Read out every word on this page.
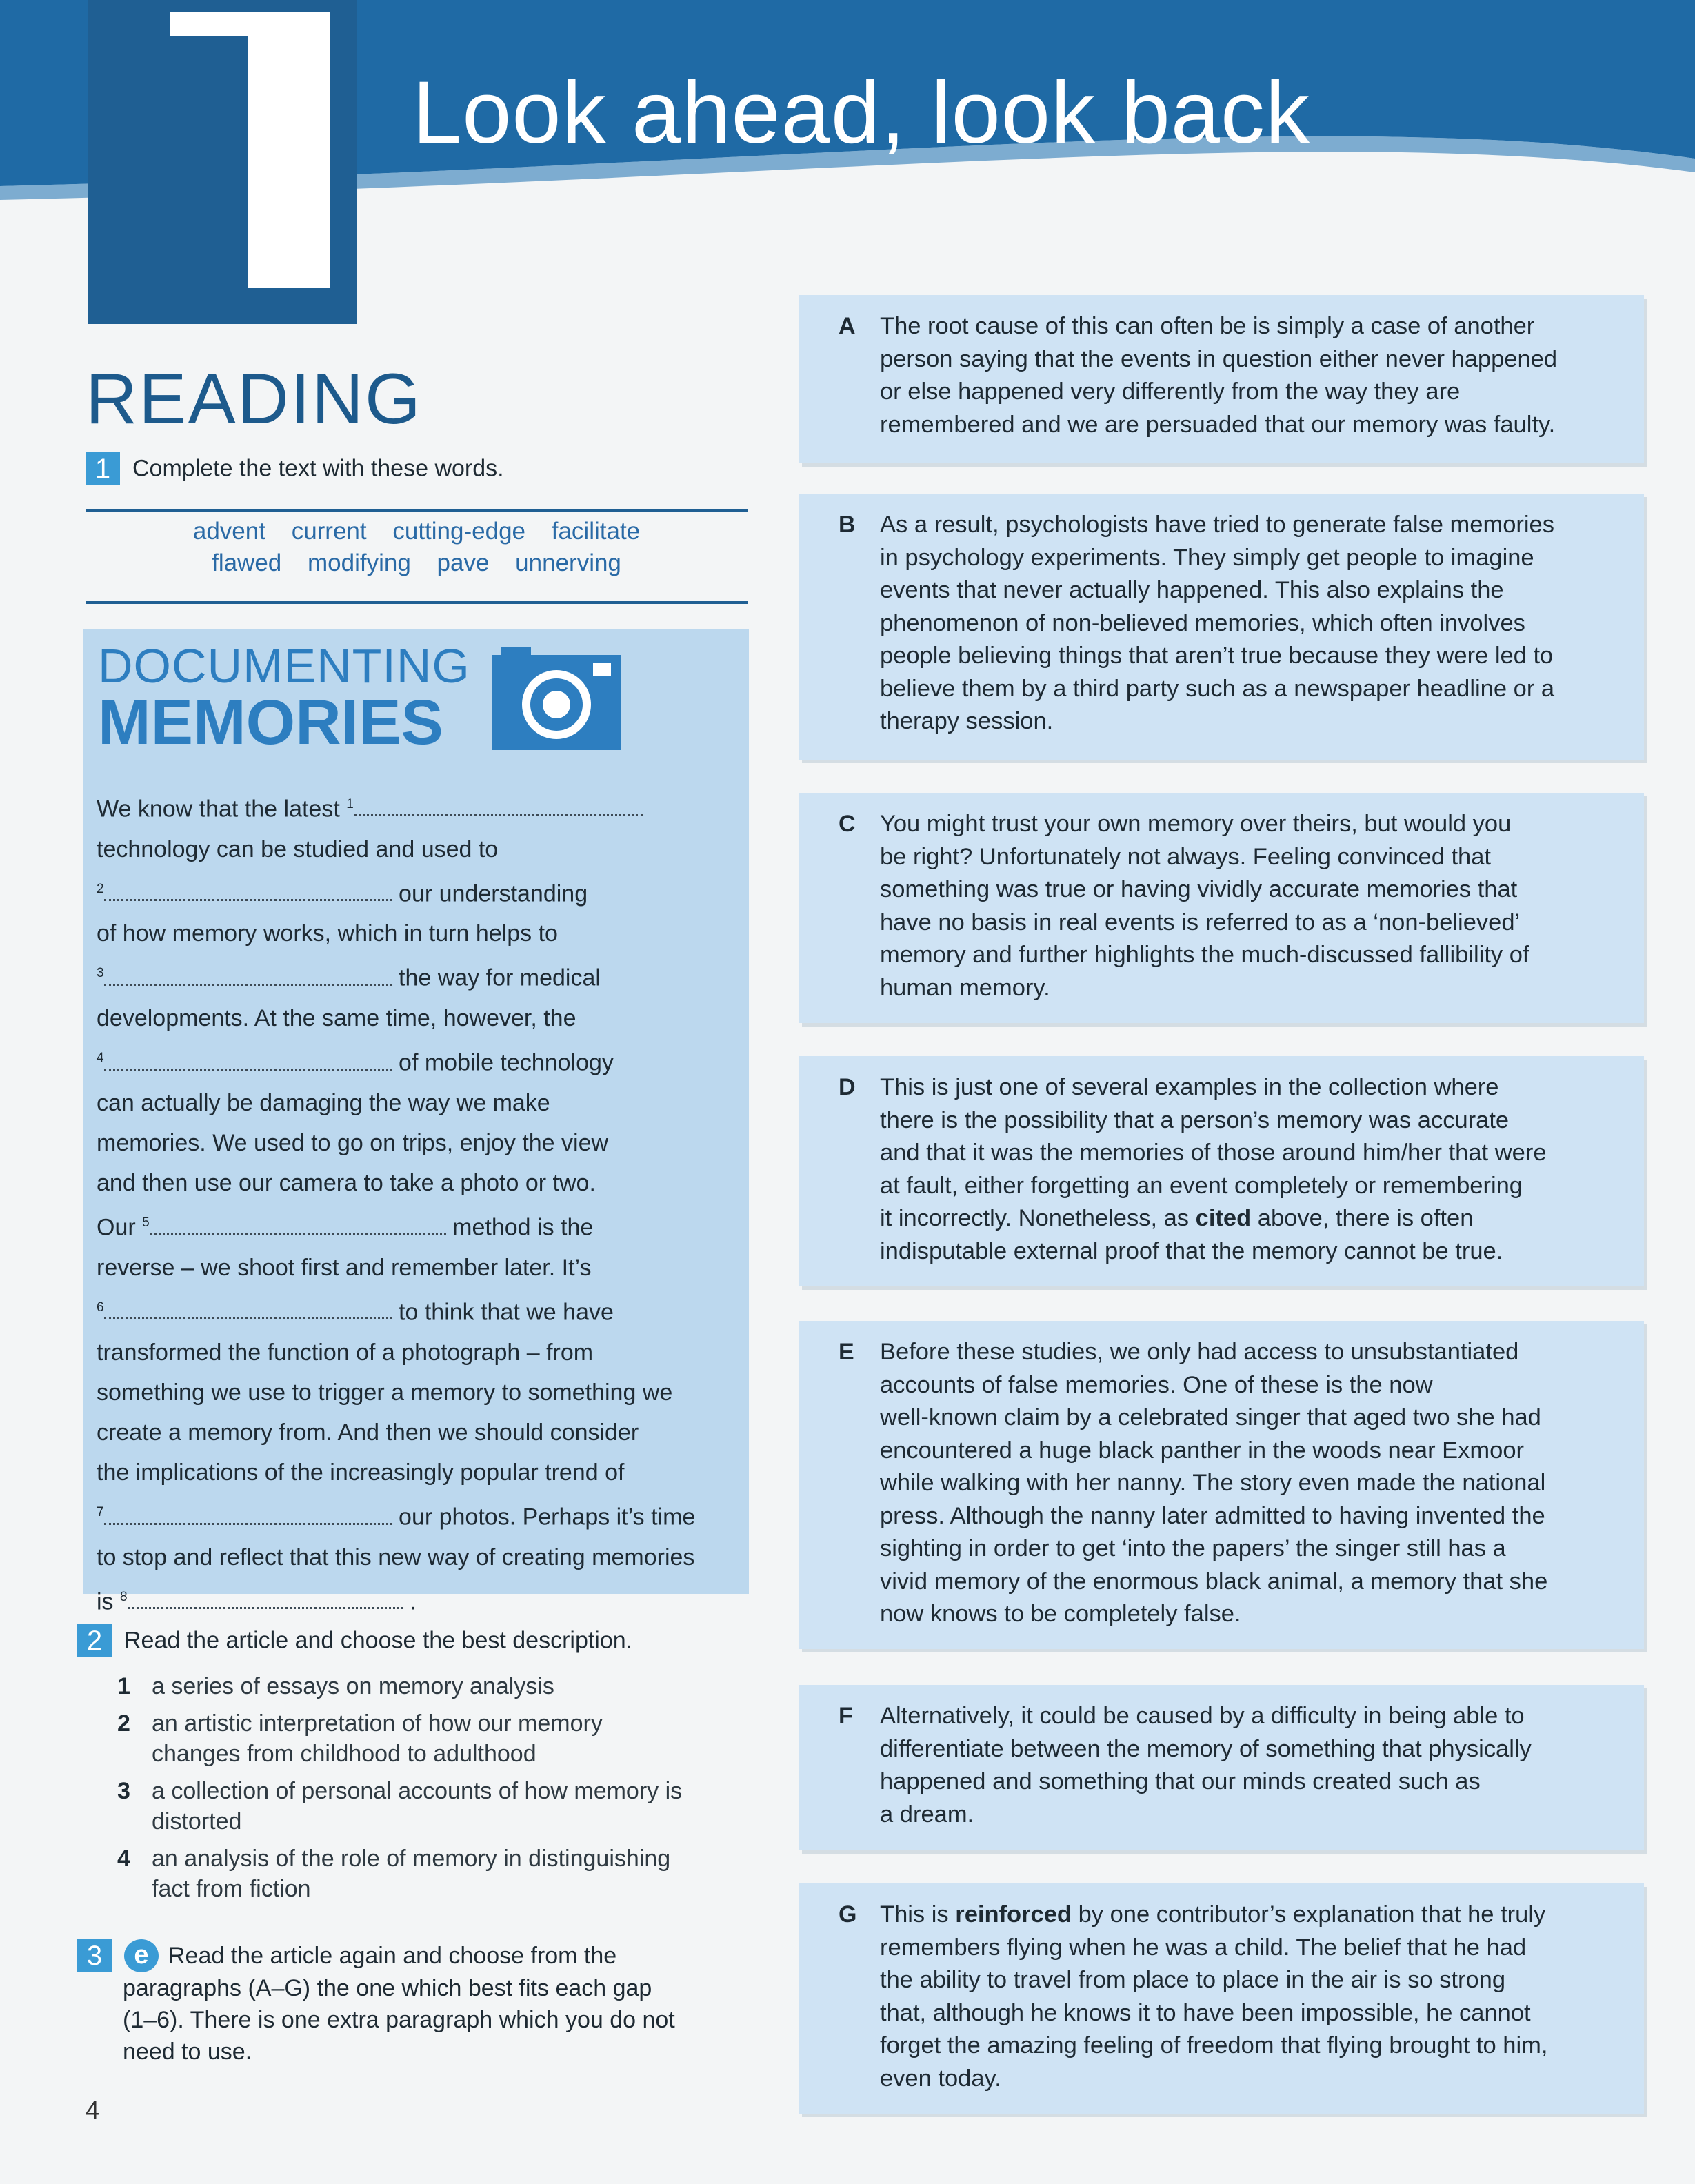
Look ahead, look back
READING
1 Complete the text with these words.
advent current cutting-edge facilitate
flawed modifying pave unnerving
DOCUMENTING
MEMORIES
We know that the latest $^1$
technology can be studied and used to
$^2$	our understanding
of how memory works, which in turn helps to
$^3$	the way for medical
developments. At the same time, however, the
$^4$	of mobile technology
can actually be damaging the way we make
memories. We used to go on trips, enjoy the view
and then use our camera to take a photo or two.
Our $^5$	method is the
reverse – we shoot first and remember later. It’s
$^6$	to think that we have
transformed the function of a photograph – from
something we use to trigger a memory to something we
create a memory from. And then we should consider
the implications of the increasingly popular trend of
$^7$	our photos. Perhaps it’s time
to stop and reflect that this new way of creating memories
is $^8$	.
2 Read the article and choose the best description.
1 a series of essays on memory analysis
2 an artistic interpretation of how our memory
changes from childhood to adulthood
3 a collection of personal accounts of how memory is
distorted
4 an analysis of the role of memory in distinguishing
fact from fiction
3 e Read the article again and choose from the
paragraphs (A–G) the one which best fits each gap
(1–6). There is one extra paragraph which you do not
need to use.
4
A The root cause of this can often be is simply a case of another
person saying that the events in question either never happened
or else happened very differently from the way they are
remembered and we are persuaded that our memory was faulty.
B As a result, psychologists have tried to generate false memories
in psychology experiments. They simply get people to imagine
events that never actually happened. This also explains the
phenomenon of non-believed memories, which often involves
people believing things that aren’t true because they were led to
believe them by a third party such as a newspaper headline or a
therapy session.
C You might trust your own memory over theirs, but would you
be right? Unfortunately not always. Feeling convinced that
something was true or having vividly accurate memories that
have no basis in real events is referred to as a ‘non-believed’
memory and further highlights the much-discussed fallibility of
human memory.
D This is just one of several examples in the collection where
there is the possibility that a person’s memory was accurate
and that it was the memories of those around him/her that were
at fault, either forgetting an event completely or remembering
it incorrectly. Nonetheless, as cited above, there is often
indisputable external proof that the memory cannot be true.
E Before these studies, we only had access to unsubstantiated
accounts of false memories. One of these is the now
well-known claim by a celebrated singer that aged two she had
encountered a huge black panther in the woods near Exmoor
while walking with her nanny. The story even made the national
press. Although the nanny later admitted to having invented the
sighting in order to get ‘into the papers’ the singer still has a
vivid memory of the enormous black animal, a memory that she
now knows to be completely false.
F Alternatively, it could be caused by a difficulty in being able to
differentiate between the memory of something that physically
happened and something that our minds created such as
a dream.
G This is reinforced by one contributor’s explanation that he truly
remembers flying when he was a child. The belief that he had
the ability to travel from place to place in the air is so strong
that, although he knows it to have been impossible, he cannot
forget the amazing feeling of freedom that flying brought to him,
even today.
